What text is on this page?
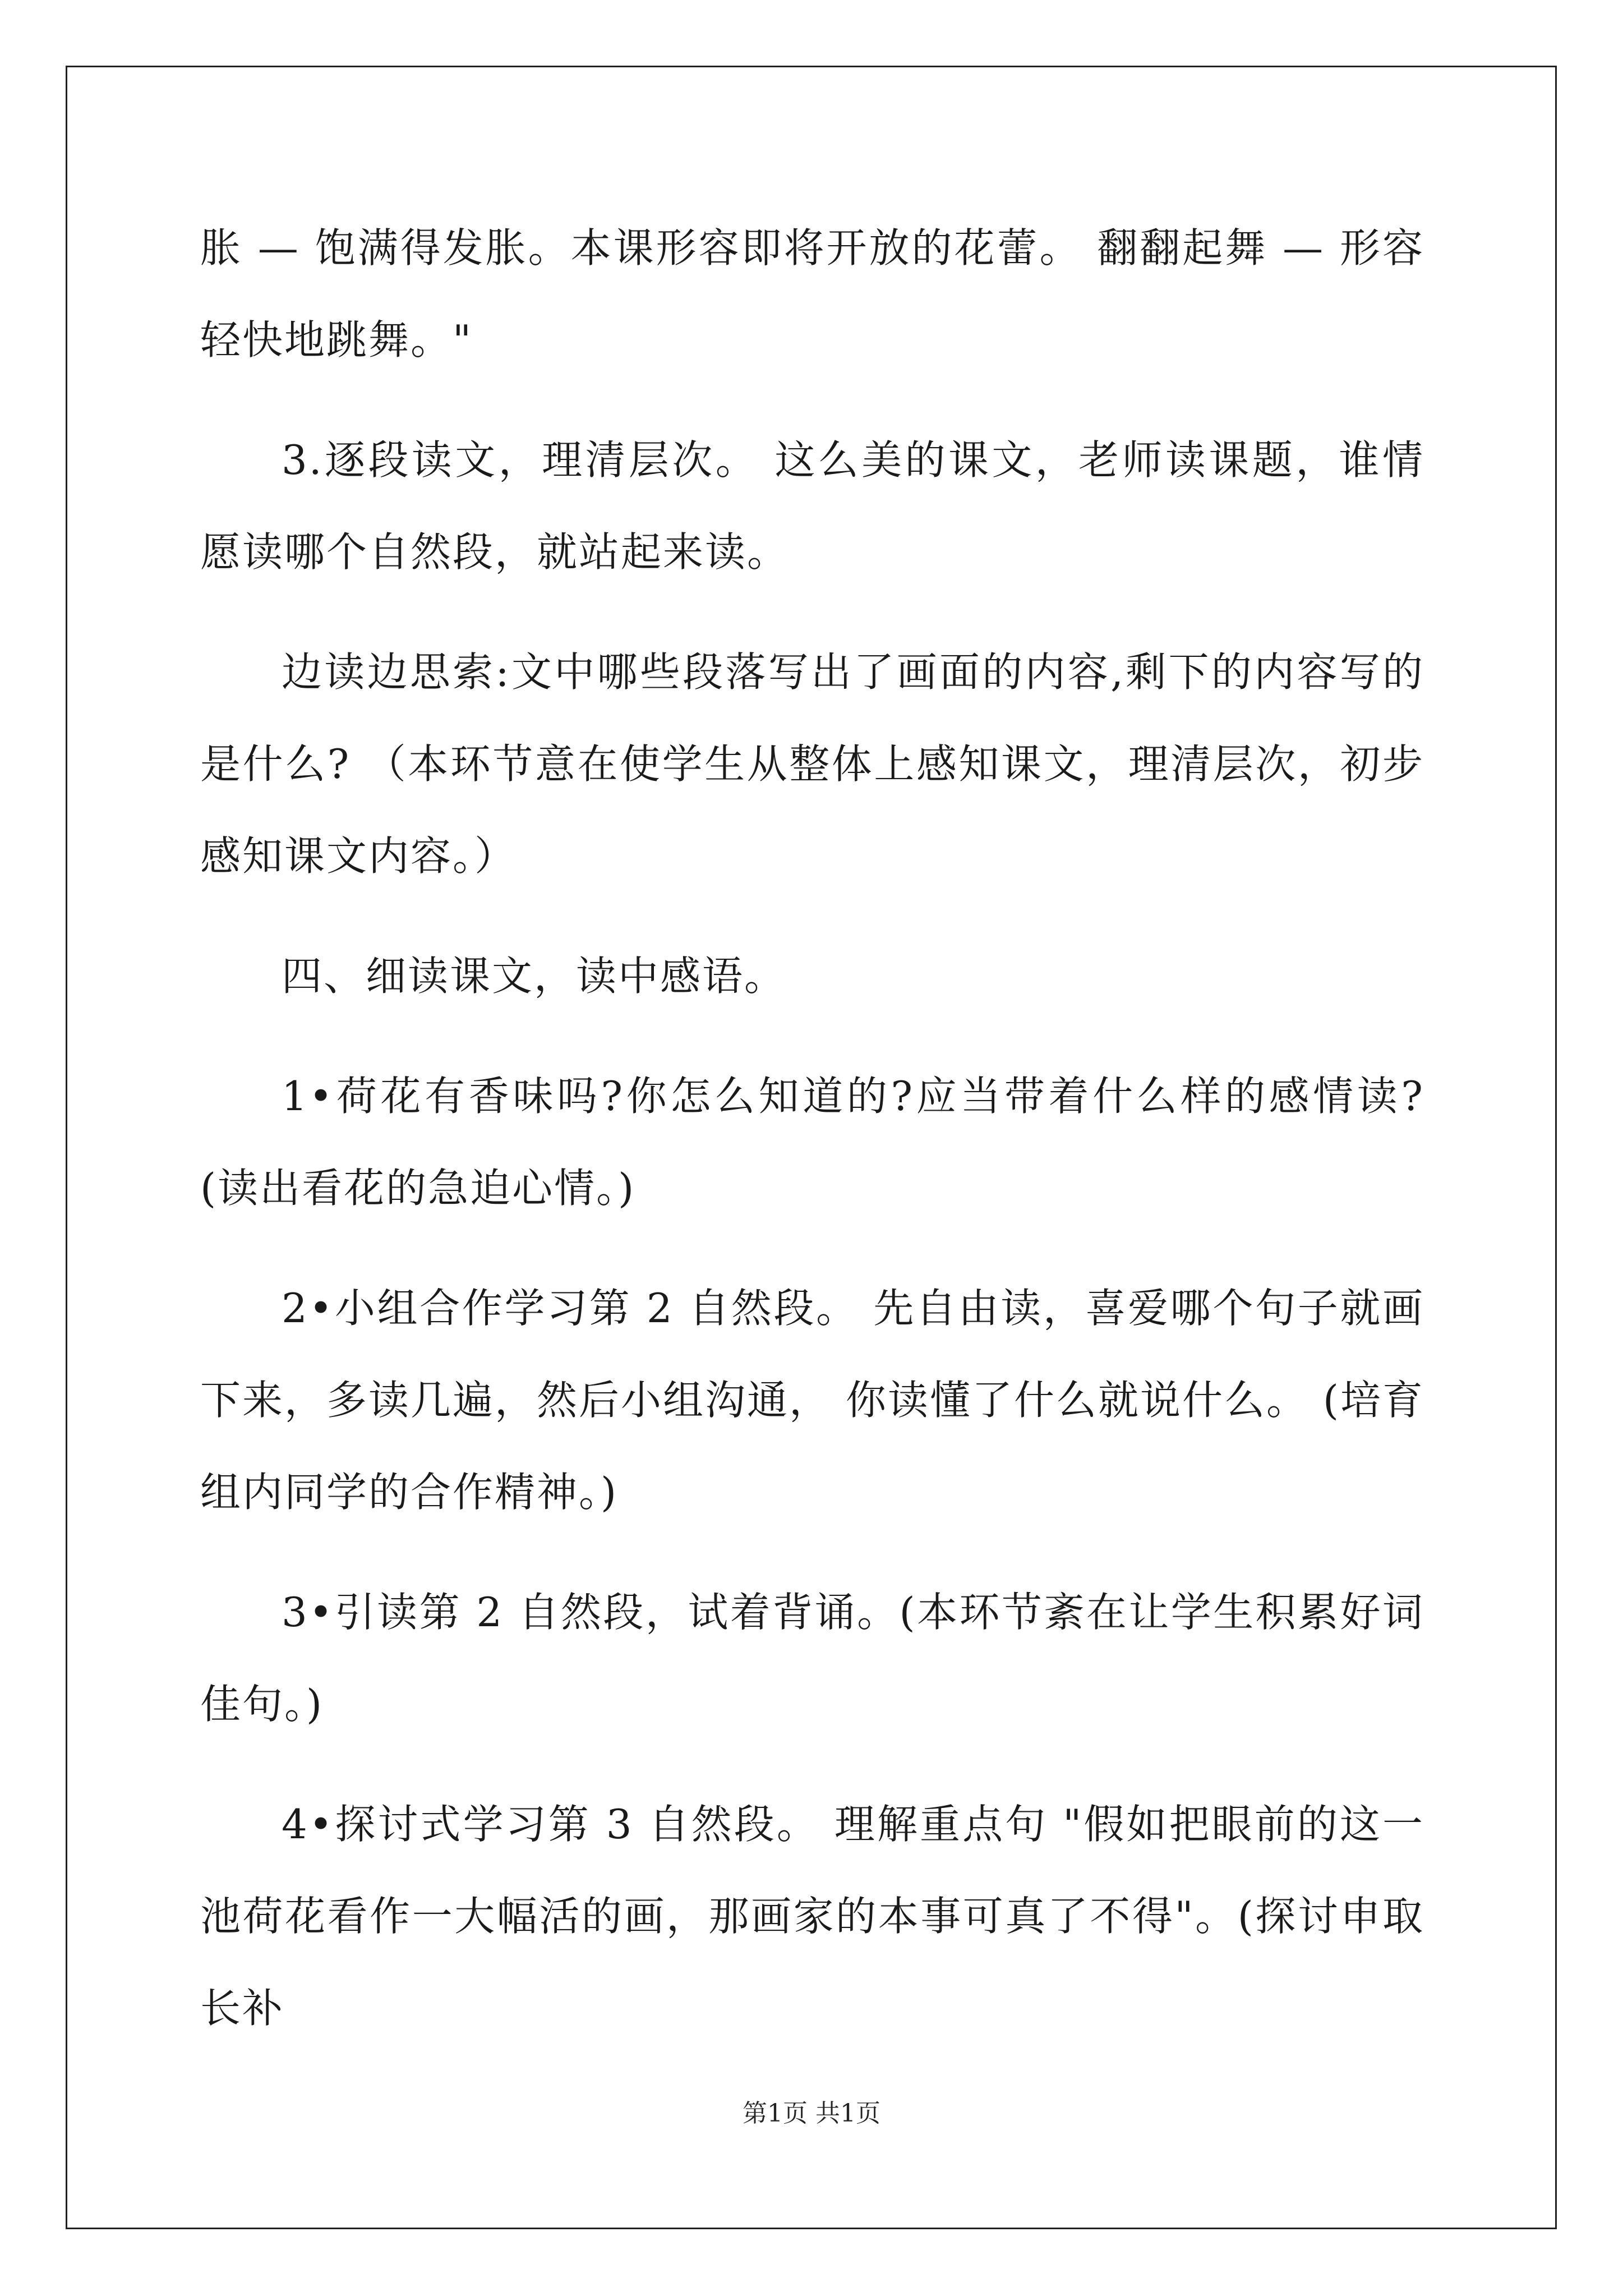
胀 — 饱满得发胀。本课形容即将开放的花蕾。 翻翻起舞 — 形容轻快地跳舞。"

3.逐段读文，理清层次。 这么美的课文，老师读课题，谁情愿读哪个自然段，就站起来读。

边读边思索:文中哪些段落写出了画面的内容,剩下的内容写的是什么? （本环节意在使学生从整体上感知课文，理清层次，初步感知课文内容。）

四、细读课文，读中感语。

1•荷花有香味吗?你怎么知道的?应当带着什么样的感情读? (读出看花的急迫心情。)

2•小组合作学习第 2 自然段。 先自由读，喜爱哪个句子就画下来，多读几遍，然后小组沟通， 你读懂了什么就说什么。 (培育组内同学的合作精神。)

3•引读第 2 自然段，试着背诵。(本环节紊在让学生积累好词佳句。)

4•探讨式学习第 3 自然段。 理解重点句 "假如把眼前的这一池荷花看作一大幅活的画，那画家的本事可真了不得"。(探讨申取长补

第1页 共1页
